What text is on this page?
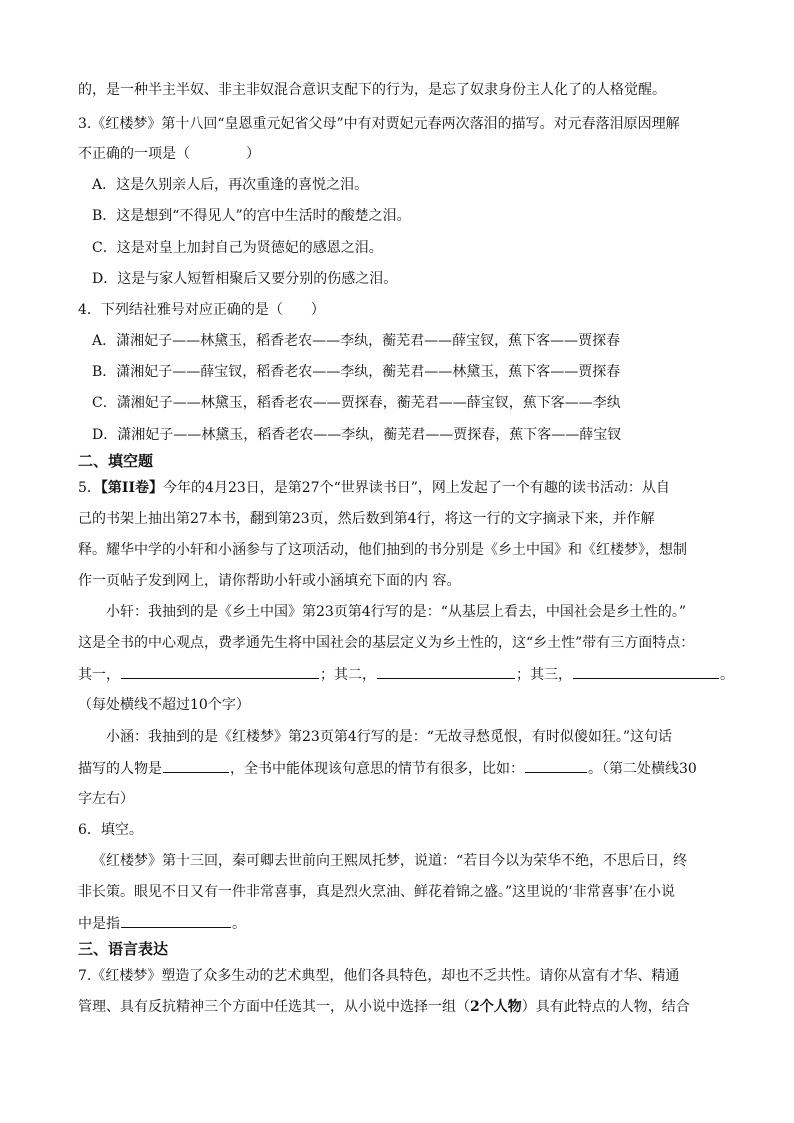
的，是一种半主半奴、非主非奴混合意识支配下的行为，是忘了奴隶身份主人化了的人格觉醒。
3.《红楼梦》第十八回“皇恩重元妃省父母”中有对贾妃元春两次落泪的描写。对元春落泪原因理解
不正确的一项是（　　　　）
A．这是久别亲人后，再次重逢的喜悦之泪。
B．这是想到“不得见人”的宫中生活时的酸楚之泪。
C．这是对皇上加封自己为贤德妃的感恩之泪。
D．这是与家人短暂相聚后又要分别的伤感之泪。
4．下列结社雅号对应正确的是（　　）
A．潇湘妃子——林黛玉，稻香老农——李纨，蘅芜君——薛宝钗，蕉下客——贾探春
B．潇湘妃子——薛宝钗，稻香老农——李纨，蘅芜君——林黛玉，蕉下客——贾探春
C．潇湘妃子——林黛玉，稻香老农——贾探春，蘅芜君——薛宝钗，蕉下客——李纨
D．潇湘妃子——林黛玉，稻香老农——李纨，蘅芜君——贾探春，蕉下客——薛宝钗
二、填空题
5．【第II卷】今年的4月23日，是第27个“世界读书日”，网上发起了一个有趣的读书活动：从自
己的书架上抽出第27本书，翻到第23页，然后数到第4行，将这一行的文字摘录下来，并作解
释。耀华中学的小轩和小涵参与了这项活动，他们抽到的书分别是《乡土中国》和《红楼梦》，想制
作一页帖子发到网上，请你帮助小轩或小涵填充下面的内 容。
小轩：我抽到的是《乡土中国》第23页第4行写的是：“从基层上看去，中国社会是乡土性的。”
这是全书的中心观点，费孝通先生将中国社会的基层定义为乡土性的，这“乡土性”带有三方面特点：
其一，	；其二，	；其三，	。
（每处横线不超过10个字）
小涵：我抽到的是《红楼梦》第23页第4行写的是：“无故寻愁觅恨，有时似傻如狂。”这句话
描写的人物是	，全书中能体现该句意思的情节有很多，比如：	。（第二处横线30
字左右）
6．填空。
《红楼梦》第十三回，秦可卿去世前向王熙凤托梦，说道：“若目今以为荣华不绝，不思后日，终
非长策。眼见不日又有一件非常喜事，真是烈火烹油、鲜花着锦之盛。”这里说的‘非常喜事’在小说
中是指	。
三、语言表达
7.《红楼梦》塑造了众多生动的艺术典型，他们各具特色，却也不乏共性。请你从富有才华、精通
管理、具有反抗精神三个方面中任选其一，从小说中选择一组（2个人物）具有此特点的人物，结合
